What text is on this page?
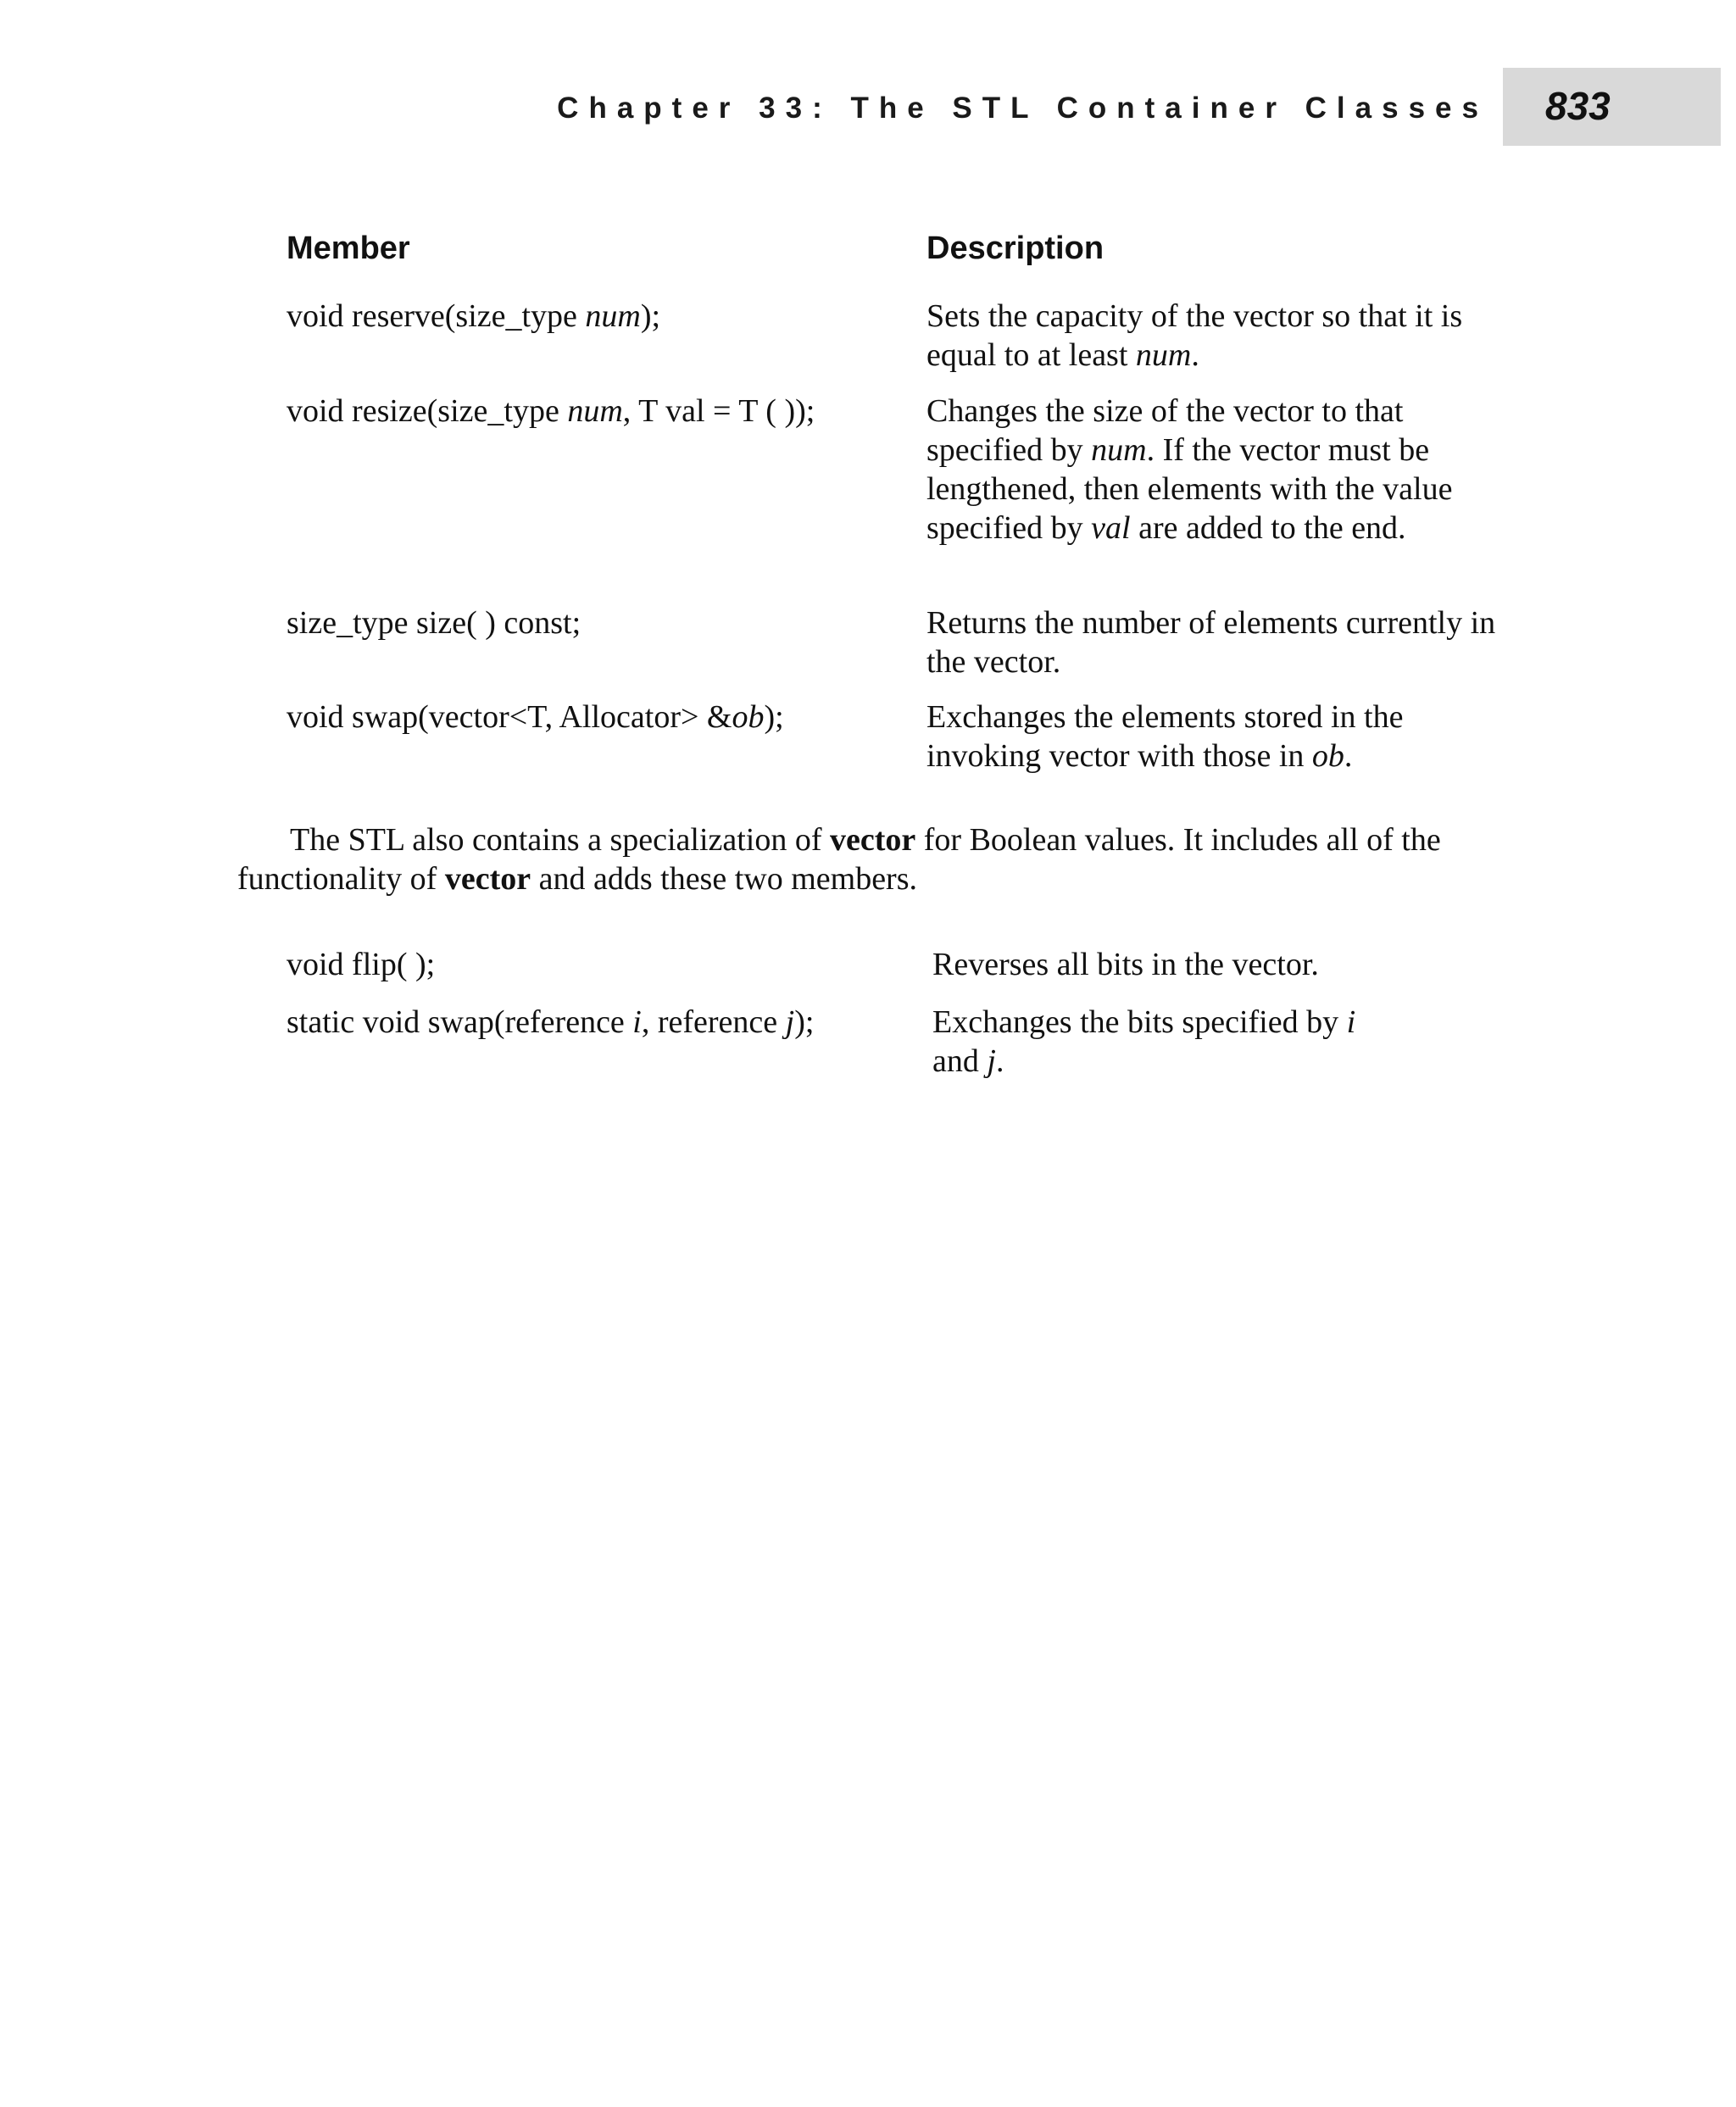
Chapter 33: The STL Container Classes 833
Member	Description
void reserve(size_type num);	Sets the capacity of the vector so that it is equal to at least num.
void resize(size_type num, T val = T ( ));	Changes the size of the vector to that specified by num. If the vector must be lengthened, then elements with the value specified by val are added to the end.
size_type size( ) const;	Returns the number of elements currently in the vector.
void swap(vector<T, Allocator> &ob);	Exchanges the elements stored in the invoking vector with those in ob.
The STL also contains a specialization of vector for Boolean values. It includes all of the functionality of vector and adds these two members.
void flip( );	Reverses all bits in the vector.
static void swap(reference i, reference j);	Exchanges the bits specified by i and j.
